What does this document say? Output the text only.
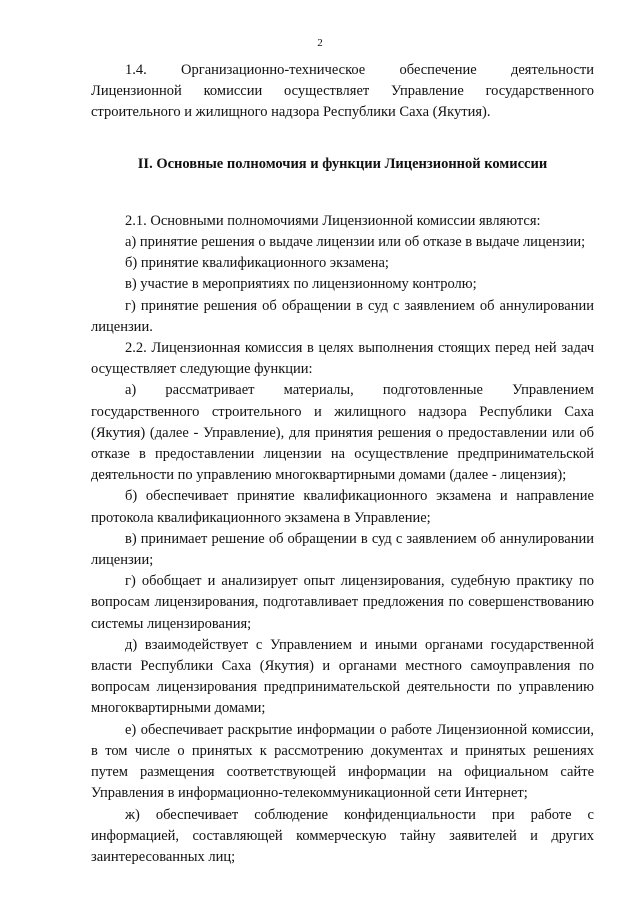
2

1.4. Организационно-техническое обеспечение деятельности Лицензионной комиссии осуществляет Управление государственного строительного и жилищного надзора Республики Саха (Якутия).

II. Основные полномочия и функции Лицензионной комиссии

2.1. Основными полномочиями Лицензионной комиссии являются:

а) принятие решения о выдаче лицензии или об отказе в выдаче лицензии;

б) принятие квалификационного экзамена;

в) участие в мероприятиях по лицензионному контролю;

г) принятие решения об обращении в суд с заявлением об аннулировании лицензии.

2.2. Лицензионная комиссия в целях выполнения стоящих перед ней задач осуществляет следующие функции:

а) рассматривает материалы, подготовленные Управлением государственного строительного и жилищного надзора Республики Саха (Якутия) (далее - Управление), для принятия решения о предоставлении или об отказе в предоставлении лицензии на осуществление предпринимательской деятельности по управлению многоквартирными домами (далее - лицензия);

б) обеспечивает принятие квалификационного экзамена и направление протокола квалификационного экзамена в Управление;

в) принимает решение об обращении в суд с заявлением об аннулировании лицензии;

г) обобщает и анализирует опыт лицензирования, судебную практику по вопросам лицензирования, подготавливает предложения по совершенствованию системы лицензирования;

д) взаимодействует с Управлением и иными органами государственной власти Республики Саха (Якутия) и органами местного самоуправления по вопросам лицензирования предпринимательской деятельности по управлению многоквартирными домами;

е) обеспечивает раскрытие информации о работе Лицензионной комиссии, в том числе о принятых к рассмотрению документах и принятых решениях путем размещения соответствующей информации на официальном сайте Управления в информационно-телекоммуникационной сети Интернет;

ж) обеспечивает соблюдение конфиденциальности при работе с информацией, составляющей коммерческую тайну заявителей и других заинтересованных лиц;
